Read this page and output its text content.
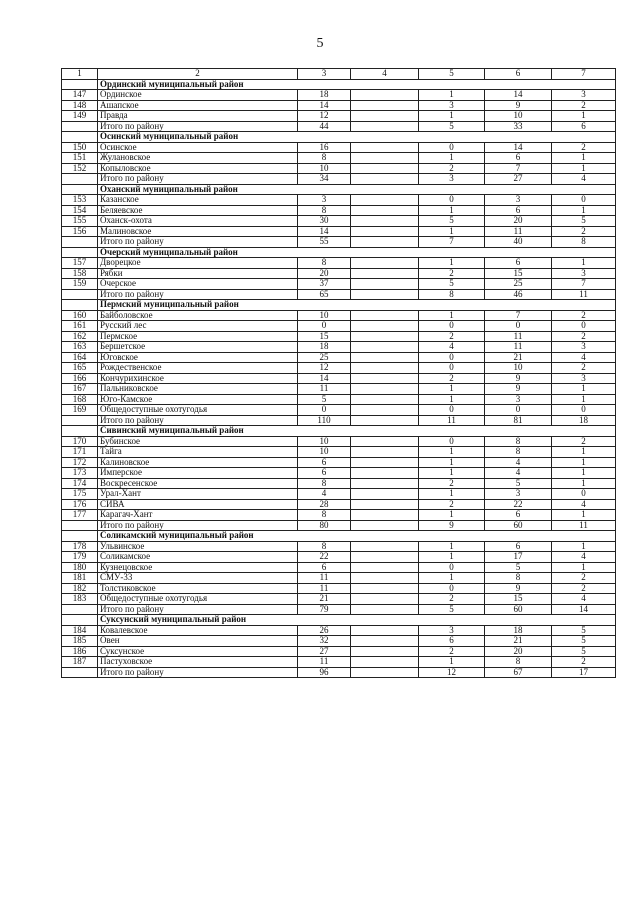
5
1	2	3	4	5	6	7
	Ординский муниципальный район					
147	Ординское	18		1	14	3
148	Ашапское	14		3	9	2
149	Правда	12		1	10	1
	Итого по району	44		5	33	6
	Осинский муниципальный район					
150	Осинское	16		0	14	2
151	Жулановское	8		1	6	1
152	Копыловское	10		2	7	1
	Итого по району	34		3	27	4
	Оханский муниципальный район					
153	Казанское	3		0	3	0
154	Беляевское	8		1	6	1
155	Оханск-охота	30		5	20	5
156	Малиновское	14		1	11	2
	Итого по району	55		7	40	8
	Очерский муниципальный район					
157	Дворецкое	8		1	6	1
158	Рябки	20		2	15	3
159	Очерское	37		5	25	7
	Итого по району	65		8	46	11
	Пермский муниципальный район					
160	Байболовское	10		1	7	2
161	Русский лес	0		0	0	0
162	Пермское	15		2	11	2
163	Бершетское	18		4	11	3
164	Юговское	25		0	21	4
165	Рождественское	12		0	10	2
166	Кончурихинское	14		2	9	3
167	Пальниковское	11		1	9	1
168	Юго-Камское	5		1	3	1
169	Общедоступные охотугодья	0		0	0	0
	Итого по району	110		11	81	18
	Сивинский муниципальный район					
170	Бубинское	10		0	8	2
171	Тайга	10		1	8	1
172	Калиновское	6		1	4	1
173	Имперское	6		1	4	1
174	Воскресенское	8		2	5	1
175	Урал-Хант	4		1	3	0
176	СИВА	28		2	22	4
177	Карагач-Хант	8		1	6	1
	Итого по району	80		9	60	11
	Соликамский муниципальный район					
178	Ульвинское	8		1	6	1
179	Соликамское	22		1	17	4
180	Кузнецовское	6		0	5	1
181	СМУ-33	11		1	8	2
182	Толстиковское	11		0	9	2
183	Общедоступные охотугодья	21		2	15	4
	Итого по району	79		5	60	14
	Суксунский муниципальный район					
184	Ковалевское	26		3	18	5
185	Овен	32		6	21	5
186	Суксунское	27		2	20	5
187	Пастуховское	11		1	8	2
	Итого по району	96		12	67	17
